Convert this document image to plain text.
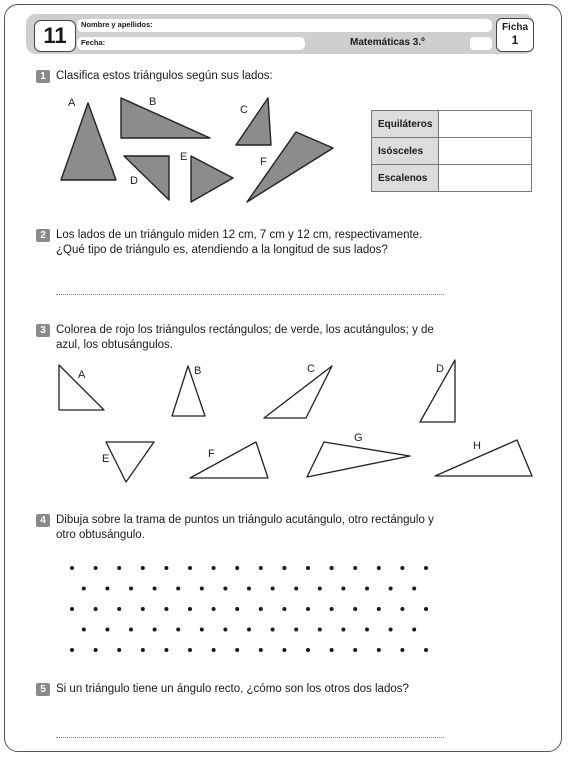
11	Nombre y apellidos:
Fecha:	Matemáticas 3.º
Ficha
1
1 Clasifica estos triángulos según sus lados:
A	B
C
D
E	F
Equiláteros	
Isósceles	
Escalenos	
2 Los lados de un triángulo miden 12 cm, 7 cm y 12 cm, respectivamente.
¿Qué tipo de triángulo es, atendiendo a la longitud de sus lados?
3 Colorea de rojo los triángulos rectángulos; de verde, los acutángulos; y de
azul, los obtusángulos.
A	B	C	D
E	F
G
H
4 Dibuja sobre la trama de puntos un triángulo acutángulo, otro rectángulo y
otro obtusángulo.
5 Si un triángulo tiene un ángulo recto, ¿cómo son los otros dos lados?
